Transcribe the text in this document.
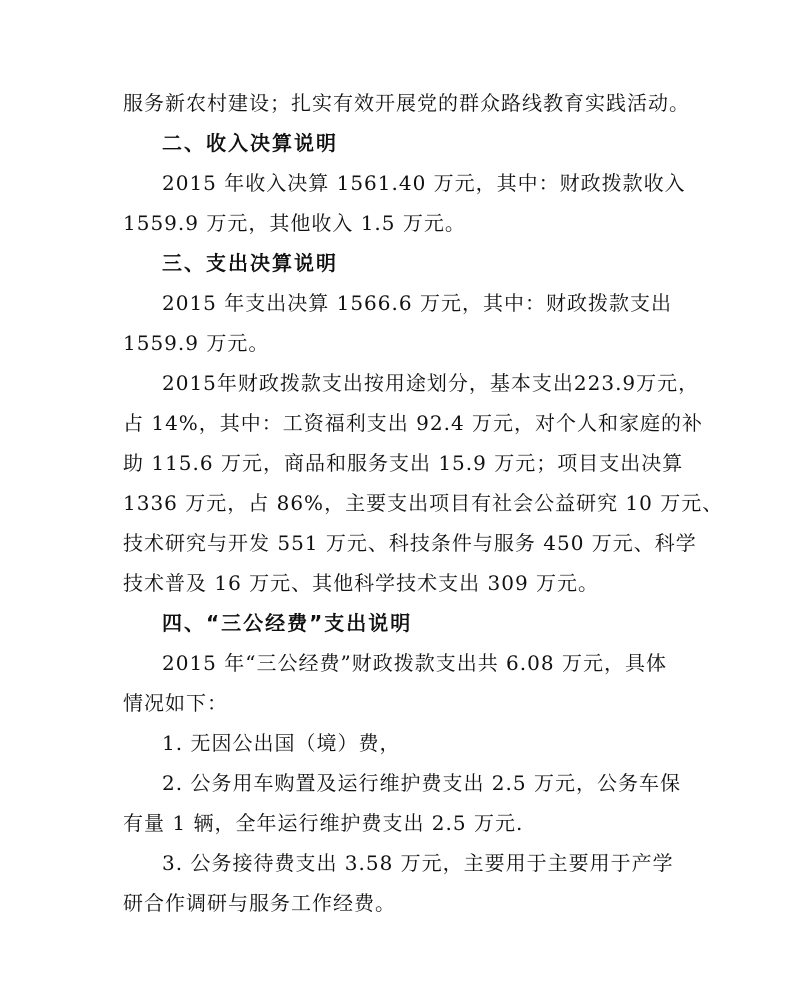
服务新农村建设；扎实有效开展党的群众路线教育实践活动。
二、收入决算说明
2015 年收入决算 1561.40 万元，其中：财政拨款收入
1559.9 万元，其他收入 1.5 万元。
三、支出决算说明
2015 年支出决算 1566.6 万元，其中：财政拨款支出
1559.9 万元。
2015年财政拨款支出按用途划分，基本支出223.9万元，
占 14%，其中：工资福利支出 92.4 万元，对个人和家庭的补
助 115.6 万元，商品和服务支出 15.9 万元；项目支出决算
1336 万元，占 86%，主要支出项目有社会公益研究 10 万元、
技术研究与开发 551 万元、科技条件与服务 450 万元、科学
技术普及 16 万元、其他科学技术支出 309 万元。
四、“三公经费”支出说明
2015 年“三公经费”财政拨款支出共 6.08 万元，具体
情况如下：
1. 无因公出国（境）费，
2. 公务用车购置及运行维护费支出 2.5 万元，公务车保
有量 1 辆，全年运行维护费支出 2.5 万元.
3. 公务接待费支出 3.58 万元，主要用于主要用于产学
研合作调研与服务工作经费。
